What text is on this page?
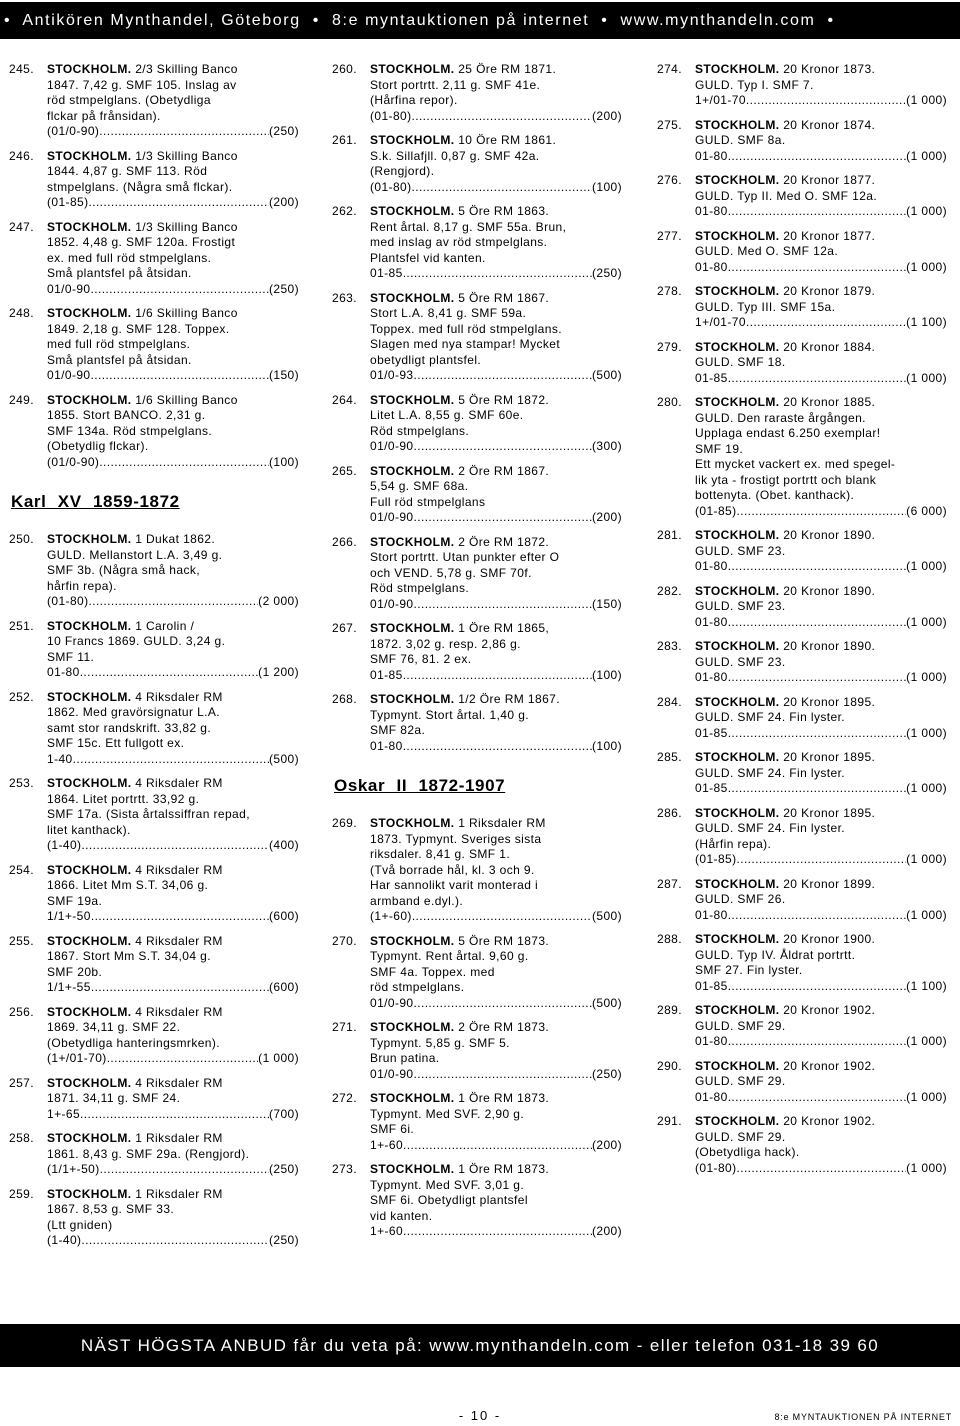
• Antikören Mynthandel, Göteborg • 8:e myntauktionen på internet • www.mynthandeln.com •
245. STOCKHOLM. 2/3 Skilling Banco
1847. 7,42 g. SMF 105. Inslag av
röd stmpelglans. (Obetydliga
flckar på frånsidan).
(01/0-90) .....	(250)
246. STOCKHOLM. 1/3 Skilling Banco
1844. 4,87 g. SMF 113. Röd
stmpelglans. (Några små flckar).
(01-85) .....	(200)
247. STOCKHOLM. 1/3 Skilling Banco
1852. 4,48 g. SMF 120a. Frostigt
ex. med full röd stmpelglans.
Små plantsfel på åtsidan.
01/0-90 .....	(250)
248. STOCKHOLM. 1/6 Skilling Banco
1849. 2,18 g. SMF 128. Toppex.
med full röd stmpelglans.
Små plantsfel på åtsidan.
01/0-90 .....	(150)
249. STOCKHOLM. 1/6 Skilling Banco
1855. Stort BANCO. 2,31 g.
SMF 134a. Röd stmpelglans.
(Obetydlig flckar).
(01/0-90) .....	(100)
Karl XV 1859-1872
250. STOCKHOLM. 1 Dukat 1862.
GULD. Mellanstort L.A. 3,49 g.
SMF 3b. (Några små hack,
hårfin repa).
(01-80) .....	(2 000)
251. STOCKHOLM. 1 Carolin /
10 Francs 1869. GULD. 3,24 g.
SMF 11.
01-80 .....	(1 200)
252. STOCKHOLM. 4 Riksdaler RM
1862. Med gravörsignatur L.A.
samt stor randskrift. 33,82 g.
SMF 15c. Ett fullgott ex.
1-40 .....	(500)
253. STOCKHOLM. 4 Riksdaler RM
1864. Litet portrtt. 33,92 g.
SMF 17a. (Sista årtalssiffran repad,
litet kanthack).
(1-40) .....	(400)
254. STOCKHOLM. 4 Riksdaler RM
1866. Litet Mm S.T. 34,06 g.
SMF 19a.
1/1+-50 .....	(600)
255. STOCKHOLM. 4 Riksdaler RM
1867. Stort Mm S.T. 34,04 g.
SMF 20b.
1/1+-55 .....	(600)
256. STOCKHOLM. 4 Riksdaler RM
1869. 34,11 g. SMF 22.
(Obetydliga hanteringsmrken).
(1+/01-70) .....	(1 000)
257. STOCKHOLM. 4 Riksdaler RM
1871. 34,11 g. SMF 24.
1+-65 .....	(700)
258. STOCKHOLM. 1 Riksdaler RM
1861. 8,43 g. SMF 29a. (Rengjord).
(1/1+-50) .....	(250)
259. STOCKHOLM. 1 Riksdaler RM
1867. 8,53 g. SMF 33.
(Ltt gniden)
(1-40) .....	(250)
260. STOCKHOLM. 25 Öre RM 1871.
Stort portrtt. 2,11 g. SMF 41e.
(Hårfina repor).
(01-80) .....	(200)
261. STOCKHOLM. 10 Öre RM 1861.
S.k. Sillafjll. 0,87 g. SMF 42a.
(Rengjord).
(01-80) .....	(100)
262. STOCKHOLM. 5 Öre RM 1863.
Rent årtal. 8,17 g. SMF 55a. Brun,
med inslag av röd stmpelglans.
Plantsfel vid kanten.
01-85 .....	(250)
263. STOCKHOLM. 5 Öre RM 1867.
Stort L.A. 8,41 g. SMF 59a.
Toppex. med full röd stmpelglans.
Slagen med nya stampar! Mycket
obetydligt plantsfel.
01/0-93 .....	(500)
264. STOCKHOLM. 5 Öre RM 1872.
Litet L.A. 8,55 g. SMF 60e.
Röd stmpelglans.
01/0-90 .....	(300)
265. STOCKHOLM. 2 Öre RM 1867.
5,54 g. SMF 68a.
Full röd stmpelglans
01/0-90 .....	(200)
266. STOCKHOLM. 2 Öre RM 1872.
Stort portrtt. Utan punkter efter O
och VEND. 5,78 g. SMF 70f.
Röd stmpelglans.
01/0-90 .....	(150)
267. STOCKHOLM. 1 Öre RM 1865,
1872. 3,02 g. resp. 2,86 g.
SMF 76, 81. 2 ex.
01-85 .....	(100)
268. STOCKHOLM. 1/2 Öre RM 1867.
Typmynt. Stort årtal. 1,40 g.
SMF 82a.
01-80 .....	(100)
Oskar II 1872-1907
269. STOCKHOLM. 1 Riksdaler RM
1873. Typmynt. Sveriges sista
riksdaler. 8,41 g. SMF 1.
(Två borrade hål, kl. 3 och 9.
Har sannolikt varit monterad i
armband e.dyl.).
(1+-60) .....	(500)
270. STOCKHOLM. 5 Öre RM 1873.
Typmynt. Rent årtal. 9,60 g.
SMF 4a. Toppex. med
röd stmpelglans.
01/0-90 .....	(500)
271. STOCKHOLM. 2 Öre RM 1873.
Typmynt. 5,85 g. SMF 5.
Brun patina.
01/0-90 .....	(250)
272. STOCKHOLM. 1 Öre RM 1873.
Typmynt. Med SVF. 2,90 g.
SMF 6i.
1+-60 .....	(200)
273. STOCKHOLM. 1 Öre RM 1873.
Typmynt. Med SVF. 3,01 g.
SMF 6i. Obetydligt plantsfel
vid kanten.
1+-60 .....	(200)
274. STOCKHOLM. 20 Kronor 1873.
GULD. Typ I. SMF 7.
1+/01-70 .....	(1 000)
275. STOCKHOLM. 20 Kronor 1874.
GULD. SMF 8a.
01-80 .....	(1 000)
276. STOCKHOLM. 20 Kronor 1877.
GULD. Typ II. Med O. SMF 12a.
01-80 .....	(1 000)
277. STOCKHOLM. 20 Kronor 1877.
GULD. Med O. SMF 12a.
01-80 .....	(1 000)
278. STOCKHOLM. 20 Kronor 1879.
GULD. Typ III. SMF 15a.
1+/01-70 .....	(1 100)
279. STOCKHOLM. 20 Kronor 1884.
GULD. SMF 18.
01-85 .....	(1 000)
280. STOCKHOLM. 20 Kronor 1885.
GULD. Den raraste årgången.
Upplaga endast 6.250 exemplar!
SMF 19.
Ett mycket vackert ex. med spegel-
lik yta - frostigt portrtt och blank
bottenyta. (Obet. kanthack).
(01-85) .....	(6 000)
281. STOCKHOLM. 20 Kronor 1890.
GULD. SMF 23.
01-80 .....	(1 000)
282. STOCKHOLM. 20 Kronor 1890.
GULD. SMF 23.
01-80 .....	(1 000)
283. STOCKHOLM. 20 Kronor 1890.
GULD. SMF 23.
01-80 .....	(1 000)
284. STOCKHOLM. 20 Kronor 1895.
GULD. SMF 24. Fin lyster.
01-85 .....	(1 000)
285. STOCKHOLM. 20 Kronor 1895.
GULD. SMF 24. Fin lyster.
01-85 .....	(1 000)
286. STOCKHOLM. 20 Kronor 1895.
GULD. SMF 24. Fin lyster.
(Hårfin repa).
(01-85) .....	(1 000)
287. STOCKHOLM. 20 Kronor 1899.
GULD. SMF 26.
01-80 .....	(1 000)
288. STOCKHOLM. 20 Kronor 1900.
GULD. Typ IV. Åldrat portrtt.
SMF 27. Fin lyster.
01-85 .....	(1 100)
289. STOCKHOLM. 20 Kronor 1902.
GULD. SMF 29.
01-80 .....	(1 000)
290. STOCKHOLM. 20 Kronor 1902.
GULD. SMF 29.
01-80 .....	(1 000)
291. STOCKHOLM. 20 Kronor 1902.
GULD. SMF 29.
(Obetydliga hack).
(01-80) .....	(1 000)
NÄST HÖGSTA ANBUD får du veta på: www.mynthandeln.com - eller telefon 031-18 39 60
- 10 -	8:e MYNTAUKTIONEN PÅ INTERNET
